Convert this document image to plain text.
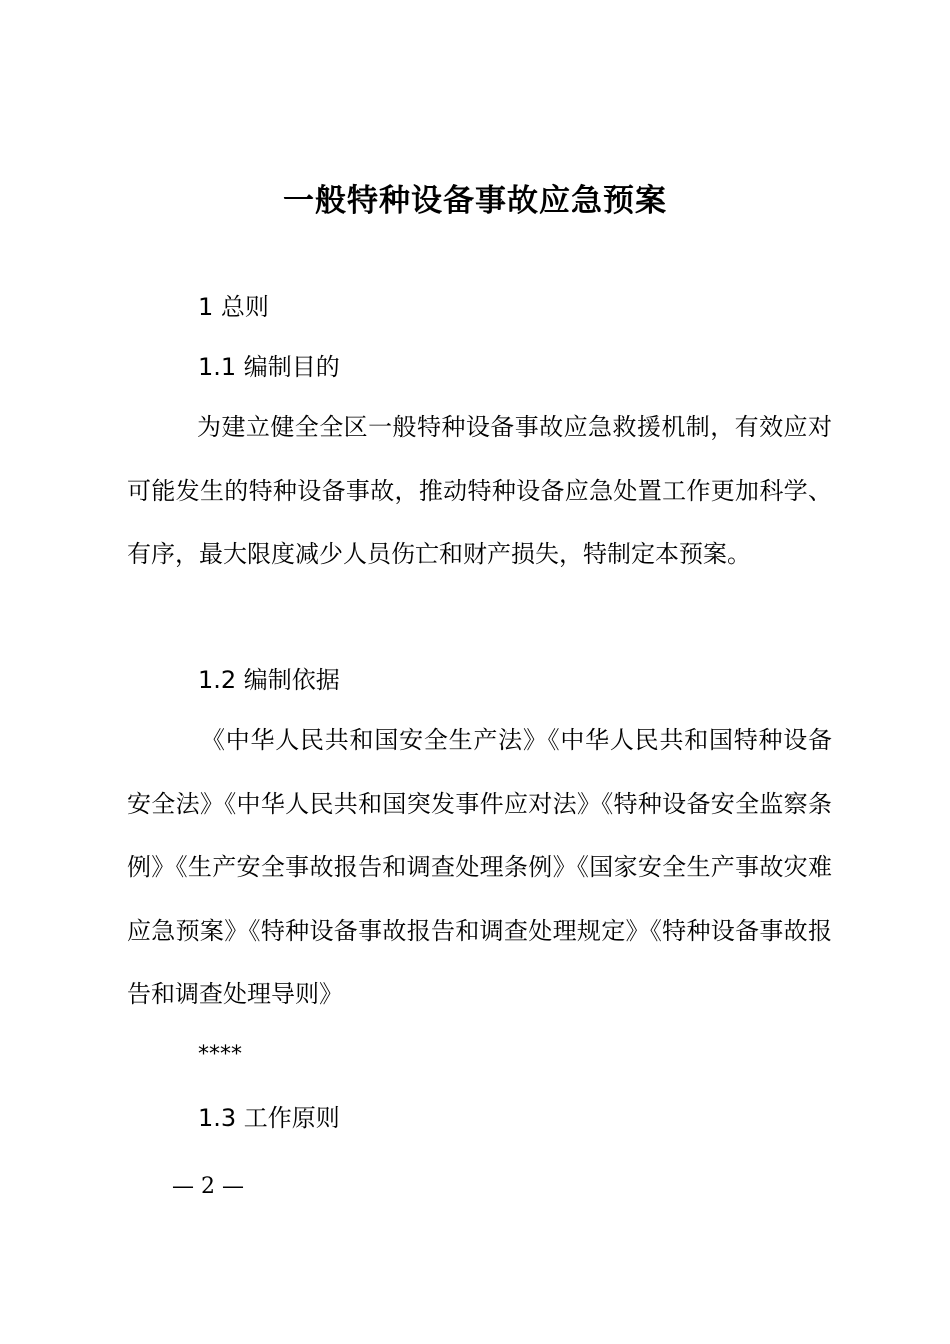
一般特种设备事故应急预案
1 总则
1.1 编制目的

为建立健全全区一般特种设备事故应急救援机制，有效应对可能发生的特种设备事故，推动特种设备应急处置工作更加科学、有序，最大限度减少人员伤亡和财产损失，特制定本预案。

1.2 编制依据

《中华人民共和国安全生产法》《中华人民共和国特种设备安全法》《中华人民共和国突发事件应对法》《特种设备安全监察条例》《生产安全事故报告和调查处理条例》《国家安全生产事故灾难应急预案》《特种设备事故报告和调查处理规定》《特种设备事故报告和调查处理导则》

****
1.3 工作原则
— 2 —
